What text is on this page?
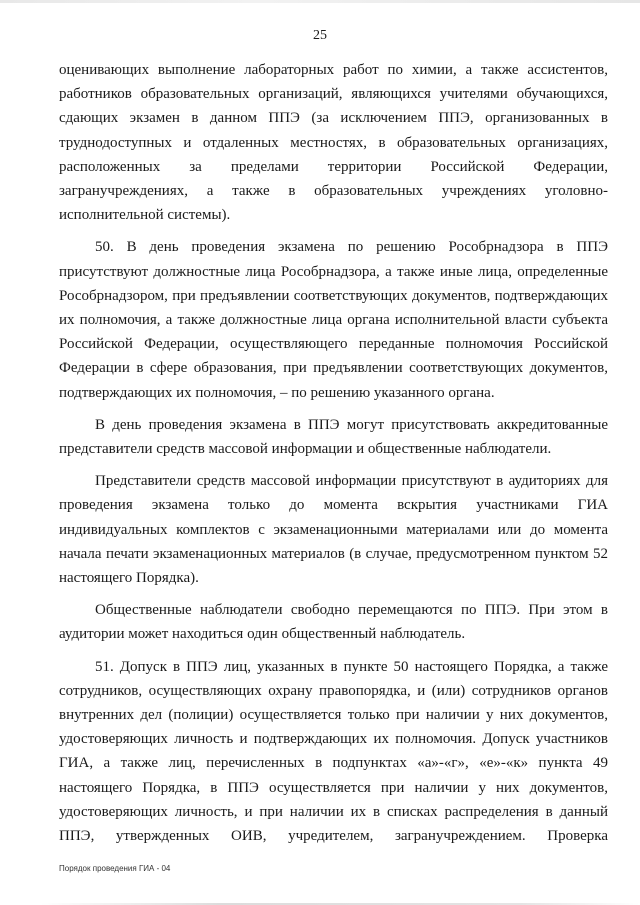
25

оценивающих выполнение лабораторных работ по химии, а также ассистентов, работников образовательных организаций, являющихся учителями обучающихся, сдающих экзамен в данном ППЭ (за исключением ППЭ, организованных в труднодоступных и отдаленных местностях, в образовательных организациях, расположенных за пределами территории Российской Федерации, загранучреждениях, а также в образовательных учреждениях уголовно-исполнительной системы).

50. В день проведения экзамена по решению Рособрнадзора в ППЭ присутствуют должностные лица Рособрнадзора, а также иные лица, определенные Рособрнадзором, при предъявлении соответствующих документов, подтверждающих их полномочия, а также должностные лица органа исполнительной власти субъекта Российской Федерации, осуществляющего переданные полномочия Российской Федерации в сфере образования, при предъявлении соответствующих документов, подтверждающих их полномочия, – по решению указанного органа.

В день проведения экзамена в ППЭ могут присутствовать аккредитованные представители средств массовой информации и общественные наблюдатели.

Представители средств массовой информации присутствуют в аудиториях для проведения экзамена только до момента вскрытия участниками ГИА индивидуальных комплектов с экзаменационными материалами или до момента начала печати экзаменационных материалов (в случае, предусмотренном пунктом 52 настоящего Порядка).

Общественные наблюдатели свободно перемещаются по ППЭ. При этом в аудитории может находиться один общественный наблюдатель.

51. Допуск в ППЭ лиц, указанных в пункте 50 настоящего Порядка, а также сотрудников, осуществляющих охрану правопорядка, и (или) сотрудников органов внутренних дел (полиции) осуществляется только при наличии у них документов, удостоверяющих личность и подтверждающих их полномочия. Допуск участников ГИА, а также лиц, перечисленных в подпунктах «а»-«г», «е»-«к» пункта 49 настоящего Порядка, в ППЭ осуществляется при наличии у них документов, удостоверяющих личность, и при наличии их в списках распределения в данный ППЭ, утвержденных ОИВ, учредителем, загранучреждением. Проверка

Порядок проведения ГИА - 04
